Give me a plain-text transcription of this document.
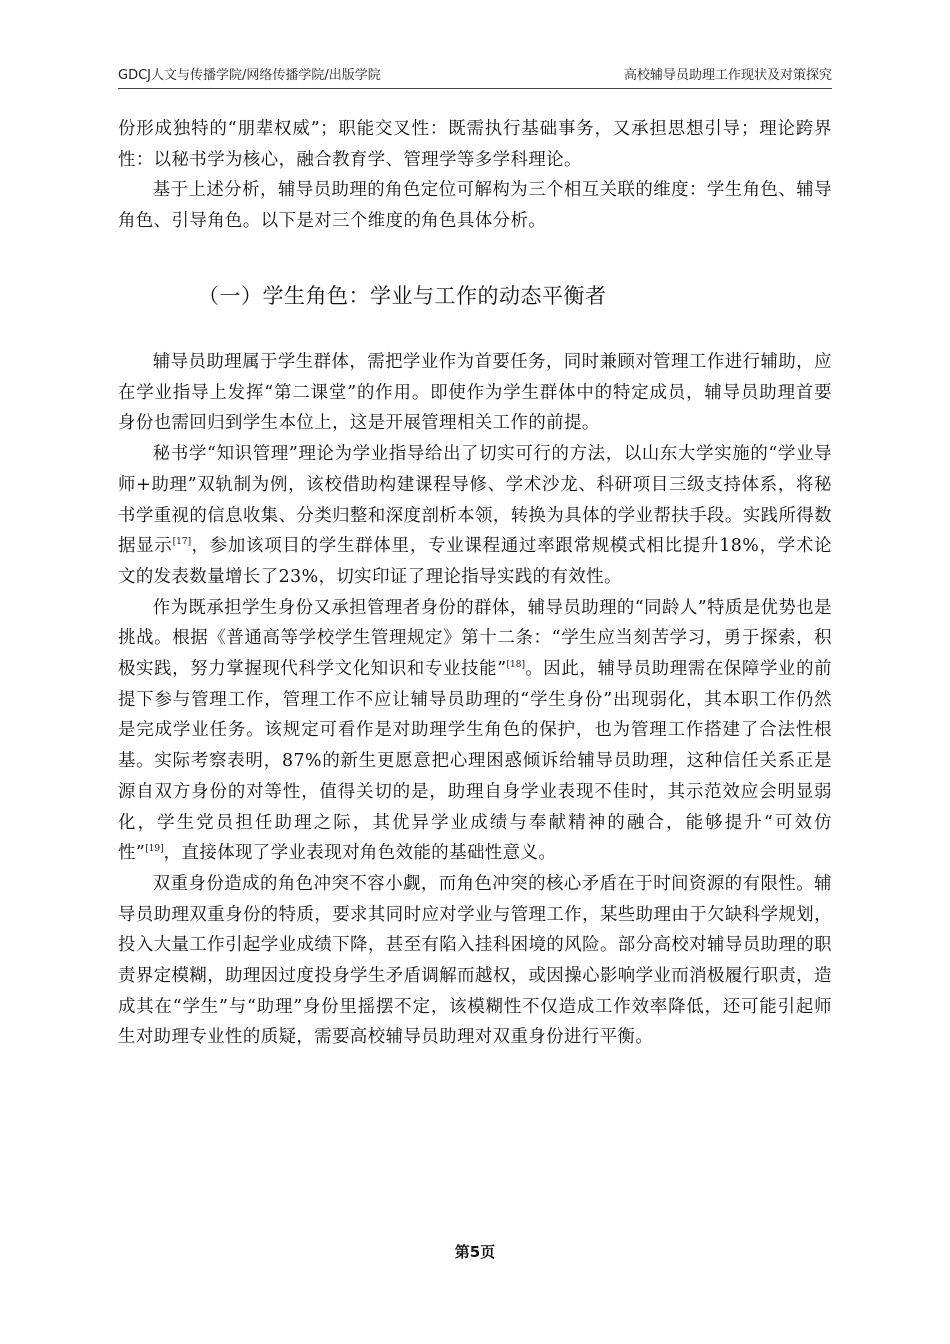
GDCJ人文与传播学院/网络传播学院/出版学院	高校辅导员助理工作现状及对策探究

份形成独特的“朋辈权威”；职能交叉性：既需执行基础事务，又承担思想引导；理论跨界性：以秘书学为核心，融合教育学、管理学等多学科理论。

基于上述分析，辅导员助理的角色定位可解构为三个相互关联的维度：学生角色、辅导角色、引导角色。以下是对三个维度的角色具体分析。

（一）学生角色：学业与工作的动态平衡者

辅导员助理属于学生群体，需把学业作为首要任务，同时兼顾对管理工作进行辅助，应在学业指导上发挥“第二课堂”的作用。即使作为学生群体中的特定成员，辅导员助理首要身份也需回归到学生本位上，这是开展管理相关工作的前提。

秘书学“知识管理”理论为学业指导给出了切实可行的方法，以山东大学实施的“学业导师+助理”双轨制为例，该校借助构建课程导修、学术沙龙、科研项目三级支持体系，将秘书学重视的信息收集、分类归整和深度剖析本领，转换为具体的学业帮扶手段。实践所得数据显示[17]，参加该项目的学生群体里，专业课程通过率跟常规模式相比提升18%，学术论文的发表数量增长了23%，切实印证了理论指导实践的有效性。

作为既承担学生身份又承担管理者身份的群体，辅导员助理的“同龄人”特质是优势也是挑战。根据《普通高等学校学生管理规定》第十二条：“学生应当刻苦学习，勇于探索，积极实践，努力掌握现代科学文化知识和专业技能”[18]。因此，辅导员助理需在保障学业的前提下参与管理工作，管理工作不应让辅导员助理的“学生身份”出现弱化，其本职工作仍然是完成学业任务。该规定可看作是对助理学生角色的保护，也为管理工作搭建了合法性根基。实际考察表明，87%的新生更愿意把心理困惑倾诉给辅导员助理，这种信任关系正是源自双方身份的对等性，值得关切的是，助理自身学业表现不佳时，其示范效应会明显弱化，学生党员担任助理之际，其优异学业成绩与奉献精神的融合，能够提升“可效仿性”[19]，直接体现了学业表现对角色效能的基础性意义。

双重身份造成的角色冲突不容小觑，而角色冲突的核心矛盾在于时间资源的有限性。辅导员助理双重身份的特质，要求其同时应对学业与管理工作，某些助理由于欠缺科学规划，投入大量工作引起学业成绩下降，甚至有陷入挂科困境的风险。部分高校对辅导员助理的职责界定模糊，助理因过度投身学生矛盾调解而越权，或因操心影响学业而消极履行职责，造成其在“学生”与“助理”身份里摇摆不定，该模糊性不仅造成工作效率降低，还可能引起师生对助理专业性的质疑，需要高校辅导员助理对双重身份进行平衡。

第5页
